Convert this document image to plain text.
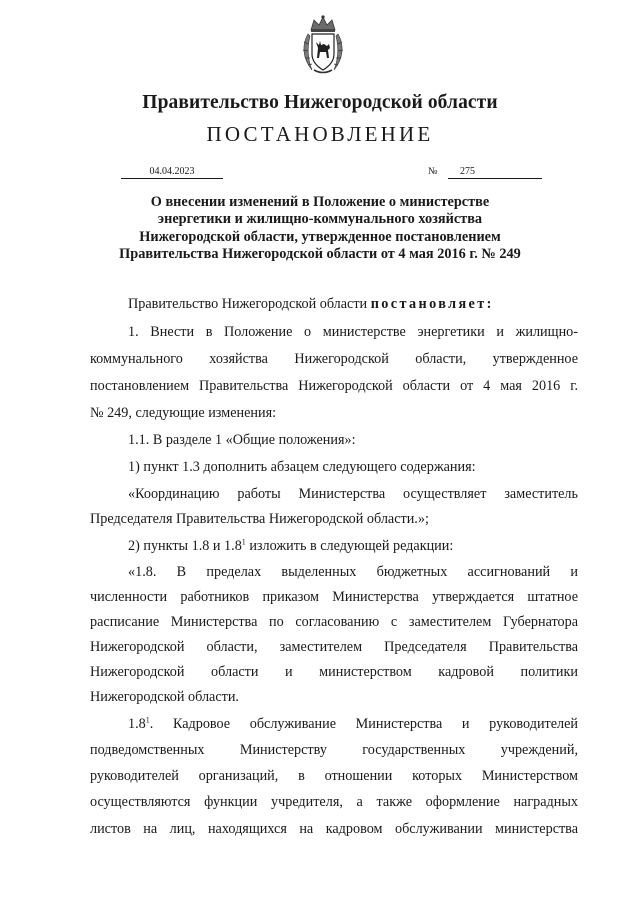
Правительство Нижегородской области
ПОСТАНОВЛЕНИЕ
04.04.2023	№ 275
О внесении изменений в Положение о министерстве
энергетики и жилищно-коммунального хозяйства
Нижегородской области, утвержденное постановлением
Правительства Нижегородской области от 4 мая 2016 г. № 249
Правительство Нижегородской области постановляет:
1. Внести в Положение о министерстве энергетики и жилищно-
коммунального хозяйства Нижегородской области, утвержденное
постановлением Правительства Нижегородской области от 4 мая 2016 г.
№ 249, следующие изменения:
1.1. В разделе 1 «Общие положения»:
1) пункт 1.3 дополнить абзацем следующего содержания:
«Координацию работы Министерства осуществляет заместитель
Председателя Правительства Нижегородской области.»;
2) пункты 1.8 и $1.8^1$ изложить в следующей редакции:
«1.8. В пределах выделенных бюджетных ассигнований и
численности работников приказом Министерства утверждается штатное
расписание Министерства по согласованию с заместителем Губернатора
Нижегородской области, заместителем Председателя Правительства
Нижегородской области и министерством кадровой политики
Нижегородской области.
$1.8^1$. Кадровое обслуживание Министерства и руководителей
подведомственных Министерству государственных учреждений,
руководителей организаций, в отношении которых Министерством
осуществляются функции учредителя, а также оформление наградных
листов на лиц, находящихся на кадровом обслуживании министерства
